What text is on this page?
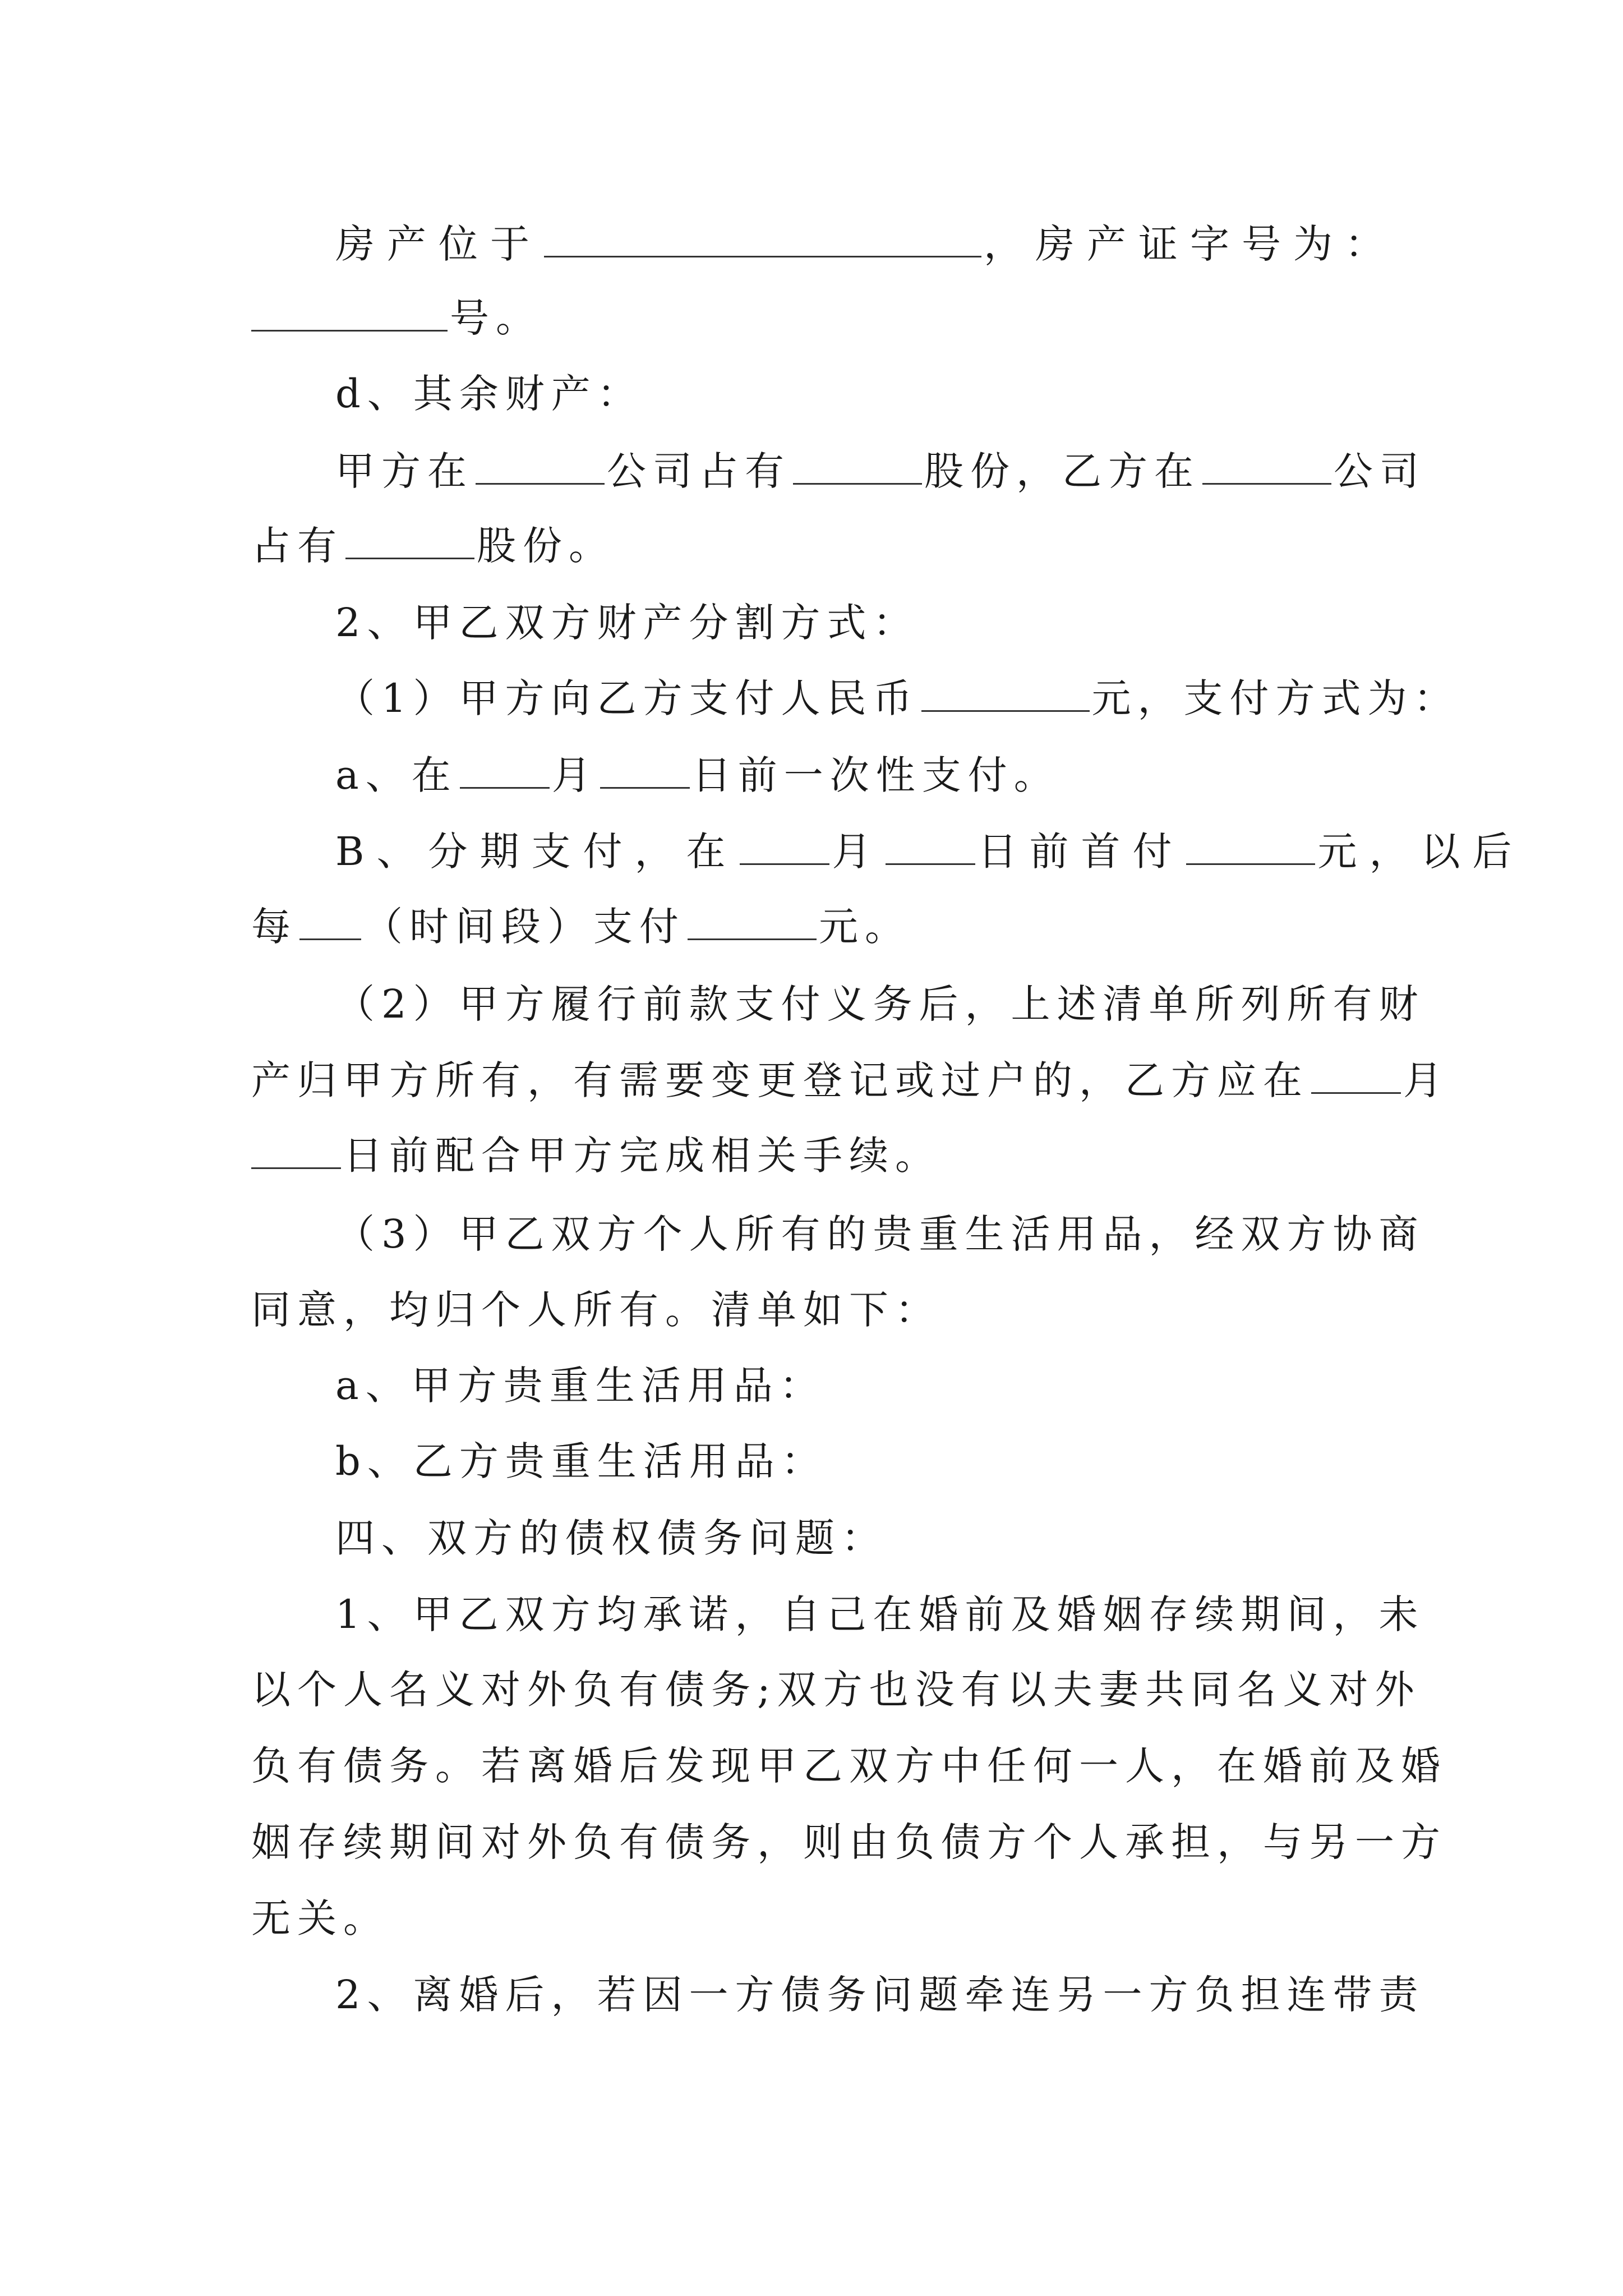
房产位于	，房产证字号为：
号。
d、其余财产：
甲方在	公司占有	股份，乙方在	公司
占有	股份。
2、甲乙双方财产分割方式：
（1）甲方向乙方支付人民币	元，支付方式为：
a、在 月 日前一次性支付。
B、分期支付，在 月 日前首付	元，以后
每 （时间段）支付	元。
（2）甲方履行前款支付义务后，上述清单所列所有财
产归甲方所有，有需要变更登记或过户的，乙方应在 月
日前配合甲方完成相关手续。
（3）甲乙双方个人所有的贵重生活用品，经双方协商
同意，均归个人所有。清单如下：
a、甲方贵重生活用品：
b、乙方贵重生活用品：
四、双方的债权债务问题：
1、甲乙双方均承诺，自己在婚前及婚姻存续期间，未
以个人名义对外负有债务;双方也没有以夫妻共同名义对外
负有债务。若离婚后发现甲乙双方中任何一人，在婚前及婚
姻存续期间对外负有债务，则由负债方个人承担，与另一方
无关。
2、离婚后，若因一方债务问题牵连另一方负担连带责
